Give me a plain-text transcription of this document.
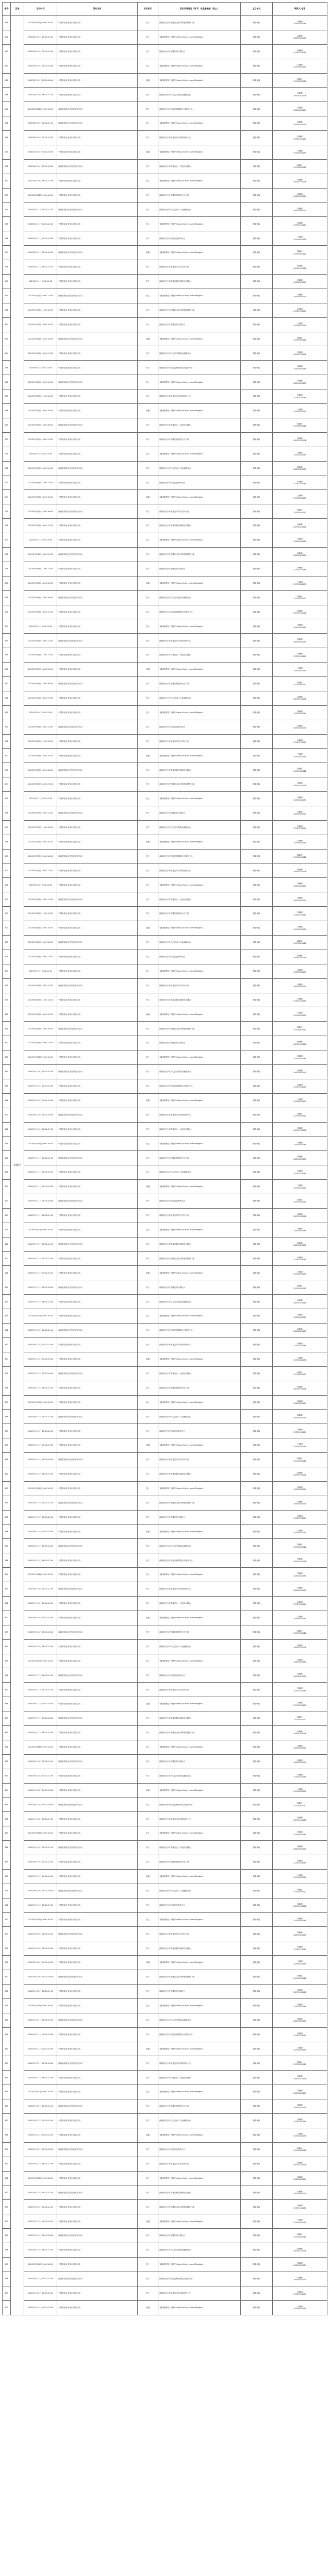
序号	区域	活动时间	活动名称	活动形式	活动详细地址（线下）或直播链接（线上）	主办单位	联系人/电话
241	市辖区	2024年8月29日 9:00-10:00	中国寿险业务知识宣传活动	线下	湖南省长沙市岳麓区金星中路建设银行门前	湖南保险	刘晓丽
13874851284

242		2024年8月29日 10:00-11:00	中国寿险业务知识宣传活动	线上	"湖南银保宝"小程序 https://t.tbcys.com/8HqgNcL	湖南保险	周晓燕
18874851230

243		2024年8月29日 11:00-12:00	中国寿险业务知识宣传活动	线下	湖南省长沙市岳麓区望月湖社区	湖南保险	李晓丽
13787451284

244		2024年8月29日 14:00-15:00	中国寿险业务知识宣传活动	线上	"湖南银保宝"小程序 https://t.tbcys.com/8HqgNcL	湖南保险	王晓明
15974851290

245		2024年8月29日 15:00-16:00	中国寿险业务知识宣传活动	直播	"湖南银保宝"小程序 https://t.tbcys.com/8HqgNcL	湖南保险	陈晓红
13574851212

246		2024年8月29日 16:00-17:00	中国寿险业务知识宣传活动	线下	湖南省长沙市天心区书院路金融服务点	湖南保险	张晓燕
18975451278

247		2024年8月30日 9:00-10:00	湖南省寿险业务知识宣传活动	线下	湖南省长沙市开福区湘春路社区服务中心	湖南保险	刘晓丽
13874851284

248		2024年8月30日 10:00-11:00	湖南省寿险业务知识宣传活动	线上	"湖南银保宝"小程序 https://t.tbcys.com/8HqgNcL	湖南保险	周晓燕
18874851230

249		2024年8月30日 11:00-12:00	中国寿险业务知识宣传活动	线下	湖南省长沙市雨花区劳动东路居民小区	湖南保险	李晓丽
13787451284

250		2024年8月30日 14:00-15:00	中国寿险业务知识宣传活动	直播	"湖南银保宝"小程序 https://t.tbcys.com/8HqgNcL	湖南保险	王晓明
15974851290

251		2024年8月30日 15:00-16:00	湖南省寿险业务知识宣传活动	线下	湖南省长沙市芙蓉区五一大道营业网点	湖南保险	陈晓红
13574851212

252		2024年8月30日 16:00-17:00	中国寿险业务知识宣传活动	线上	"湖南银保宝"小程序 https://t.tbcys.com/8HqgNcL	湖南保险	张晓燕
18975451278

253		2024年8月31日 9:00-10:00	中国寿险业务知识宣传活动	线下	湖南省长沙市岳麓区银盆岭社区广场	湖南保险	刘晓丽
13874851284

254		2024年8月31日 10:00-11:00	湖南省寿险业务知识宣传活动	线下	湖南省长沙市天心区南门口金融服务点	湖南保险	周晓燕
18874851230

255		2024年8月31日 11:00-12:00	中国寿险业务知识宣传活动	线上	"湖南银保宝"小程序 https://t.tbcys.com/8HqgNcL	湖南保险	李晓丽
13787451284

256		2024年8月31日 14:00-15:00	中国寿险业务知识宣传活动	线下	湖南省长沙市开福区伍家岭社区	湖南保险	王晓明
15974851290

257		2024年8月31日 15:00-16:00	湖南省寿险业务知识宣传活动	直播	"湖南银保宝"小程序 https://t.tbcys.com/8HqgNcL	湖南保险	陈晓红
13574851212

258		2024年8月31日 16:00-17:00	中国寿险业务知识宣传活动	线下	湖南省长沙市雨花区井湾子居民小区	湖南保险	张晓燕
18975451278

259		2024年9月1日 9:00-10:00	中国寿险业务知识宣传活动	线下	湖南省长沙市芙蓉区解放西路营业网点	湖南保险	刘晓丽
13874851284

260		2024年9月1日 10:00-11:00	湖南省寿险业务知识宣传活动	线上	"湖南银保宝"小程序 https://t.tbcys.com/8HqgNcL	湖南保险	周晓燕
18874851230

261		2024年9月1日 11:00-12:00	中国寿险业务知识宣传活动	线下	湖南省长沙市岳麓区金星中路建设银行门前	湖南保险	李晓丽
13787451284

262		2024年9月1日 14:00-15:00	中国寿险业务知识宣传活动	线下	湖南省长沙市岳麓区望月湖社区	湖南保险	王晓明
15974851290

263		2024年9月1日 15:00-16:00	湖南省寿险业务知识宣传活动	直播	"湖南银保宝"小程序 https://t.tbcys.com/8HqgNcL	湖南保险	陈晓红
13574851212

264		2024年9月1日 16:00-17:00	中国寿险业务知识宣传活动	线下	湖南省长沙市天心区书院路金融服务点	湖南保险	张晓燕
18975451278

265		2024年9月2日 9:00-10:00	中国寿险业务知识宣传活动	线下	湖南省长沙市开福区湘春路社区服务中心	湖南保险	刘晓丽
13874851284

266		2024年9月2日 10:00-11:00	湖南省寿险业务知识宣传活动	线上	"湖南银保宝"小程序 https://t.tbcys.com/8HqgNcL	湖南保险	周晓燕
18874851230

267		2024年9月2日 11:00-12:00	中国寿险业务知识宣传活动	线下	湖南省长沙市雨花区劳动东路居民小区	湖南保险	李晓丽
13787451284

268		2024年9月2日 14:00-15:00	中国寿险业务知识宣传活动	直播	"湖南银保宝"小程序 https://t.tbcys.com/8HqgNcL	湖南保险	王晓明
15974851290

269		2024年9月2日 15:00-16:00	湖南省寿险业务知识宣传活动	线下	湖南省长沙市芙蓉区五一大道营业网点	湖南保险	陈晓红
13574851212

270		2024年9月2日 16:00-17:00	中国寿险业务知识宣传活动	线下	湖南省长沙市岳麓区银盆岭社区广场	湖南保险	张晓燕
18975451278

271		2024年9月3日 9:00-10:00	中国寿险业务知识宣传活动	线上	"湖南银保宝"小程序 https://t.tbcys.com/8HqgNcL	湖南保险	刘晓丽
13874851284

272		2024年9月3日 10:00-11:00	湖南省寿险业务知识宣传活动	线下	湖南省长沙市天心区南门口金融服务点	湖南保险	周晓燕
18874851230

273		2024年9月3日 11:00-12:00	中国寿险业务知识宣传活动	线下	湖南省长沙市开福区伍家岭社区	湖南保险	李晓丽
13787451284

274		2024年9月3日 14:00-15:00	中国寿险业务知识宣传活动	直播	"湖南银保宝"小程序 https://t.tbcys.com/8HqgNcL	湖南保险	王晓明
15974851290

275		2024年9月3日 15:00-16:00	湖南省寿险业务知识宣传活动	线下	湖南省长沙市雨花区井湾子居民小区	湖南保险	陈晓红
13574851212

276		2024年9月3日 16:00-17:00	中国寿险业务知识宣传活动	线下	湖南省长沙市芙蓉区解放西路营业网点	湖南保险	张晓燕
18975451278

277		2024年9月4日 9:00-10:00	中国寿险业务知识宣传活动	线上	"湖南银保宝"小程序 https://t.tbcys.com/8HqgNcL	湖南保险	刘晓丽
13874851284

278		2024年9月4日 10:00-11:00	湖南省寿险业务知识宣传活动	线下	湖南省长沙市岳麓区金星中路建设银行门前	湖南保险	周晓燕
18874851230

279		2024年9月4日 11:00-12:00	中国寿险业务知识宣传活动	线下	湖南省长沙市岳麓区望月湖社区	湖南保险	李晓丽
13787451284

280		2024年9月4日 14:00-15:00	中国寿险业务知识宣传活动	直播	"湖南银保宝"小程序 https://t.tbcys.com/8HqgNcL	湖南保险	王晓明
15974851290

281		2024年9月4日 15:00-16:00	湖南省寿险业务知识宣传活动	线下	湖南省长沙市天心区书院路金融服务点	湖南保险	陈晓红
13574851212

282		2024年9月4日 16:00-17:00	中国寿险业务知识宣传活动	线下	湖南省长沙市开福区湘春路社区服务中心	湖南保险	张晓燕
18975451278

283		2024年9月5日 9:00-10:00	中国寿险业务知识宣传活动	线上	"湖南银保宝"小程序 https://t.tbcys.com/8HqgNcL	湖南保险	刘晓丽
13874851284

284		2024年9月5日 10:00-11:00	湖南省寿险业务知识宣传活动	线下	湖南省长沙市雨花区劳动东路居民小区	湖南保险	周晓燕
18874851230

285		2024年9月5日 11:00-12:00	中国寿险业务知识宣传活动	线下	湖南省长沙市芙蓉区五一大道营业网点	湖南保险	李晓丽
13787451284

286		2024年9月5日 14:00-15:00	中国寿险业务知识宣传活动	直播	"湖南银保宝"小程序 https://t.tbcys.com/8HqgNcL	湖南保险	王晓明
15974851290

287		2024年9月5日 15:00-16:00	湖南省寿险业务知识宣传活动	线下	湖南省长沙市岳麓区银盆岭社区广场	湖南保险	陈晓红
13574851212

288		2024年9月5日 16:00-17:00	中国寿险业务知识宣传活动	线下	湖南省长沙市天心区南门口金融服务点	湖南保险	张晓燕
18975451278

289		2024年9月6日 9:00-10:00	中国寿险业务知识宣传活动	线上	"湖南银保宝"小程序 https://t.tbcys.com/8HqgNcL	湖南保险	刘晓丽
13874851284

290		2024年9月6日 10:00-11:00	湖南省寿险业务知识宣传活动	线下	湖南省长沙市开福区伍家岭社区	湖南保险	周晓燕
18874851230

291		2024年9月6日 11:00-12:00	中国寿险业务知识宣传活动	线下	湖南省长沙市雨花区井湾子居民小区	湖南保险	李晓丽
13787451284

292		2024年9月6日 14:00-15:00	中国寿险业务知识宣传活动	直播	"湖南银保宝"小程序 https://t.tbcys.com/8HqgNcL	湖南保险	王晓明
15974851290

293		2024年9月6日 15:00-16:00	湖南省寿险业务知识宣传活动	线下	湖南省长沙市芙蓉区解放西路营业网点	湖南保险	陈晓红
13574851212

294		2024年9月6日 16:00-17:00	中国寿险业务知识宣传活动	线下	湖南省长沙市岳麓区金星中路建设银行门前	湖南保险	张晓燕
18975451278

295		2024年9月7日 9:00-10:00	中国寿险业务知识宣传活动	线上	"湖南银保宝"小程序 https://t.tbcys.com/8HqgNcL	湖南保险	刘晓丽
13874851284

296		2024年9月7日 10:00-11:00	湖南省寿险业务知识宣传活动	线下	湖南省长沙市岳麓区望月湖社区	湖南保险	周晓燕
18874851230

297		2024年9月7日 11:00-12:00	中国寿险业务知识宣传活动	线下	湖南省长沙市天心区书院路金融服务点	湖南保险	李晓丽
13787451284

298		2024年9月7日 14:00-15:00	中国寿险业务知识宣传活动	直播	"湖南银保宝"小程序 https://t.tbcys.com/8HqgNcL	湖南保险	王晓明
15974851290

299		2024年9月7日 15:00-16:00	湖南省寿险业务知识宣传活动	线下	湖南省长沙市开福区湘春路社区服务中心	湖南保险	陈晓红
13574851212

300		2024年9月7日 16:00-17:00	中国寿险业务知识宣传活动	线下	湖南省长沙市雨花区劳动东路居民小区	湖南保险	张晓燕
18975451278

301		2024年9月8日 9:00-10:00	中国寿险业务知识宣传活动	线上	"湖南银保宝"小程序 https://t.tbcys.com/8HqgNcL	湖南保险	刘晓丽
13874851284

302		2024年9月8日 10:00-11:00	湖南省寿险业务知识宣传活动	线下	湖南省长沙市芙蓉区五一大道营业网点	湖南保险	周晓燕
18874851230

303		2024年9月8日 11:00-12:00	中国寿险业务知识宣传活动	线下	湖南省长沙市岳麓区银盆岭社区广场	湖南保险	李晓丽
13787451284

304		2024年9月8日 14:00-15:00	中国寿险业务知识宣传活动	直播	"湖南银保宝"小程序 https://t.tbcys.com/8HqgNcL	湖南保险	王晓明
15974851290

305		2024年9月8日 15:00-16:00	湖南省寿险业务知识宣传活动	线下	湖南省长沙市天心区南门口金融服务点	湖南保险	陈晓红
13574851212

306		2024年9月8日 16:00-17:00	中国寿险业务知识宣传活动	线下	湖南省长沙市开福区伍家岭社区	湖南保险	张晓燕
18975451278

307		2024年9月9日 9:00-10:00	中国寿险业务知识宣传活动	线上	"湖南银保宝"小程序 https://t.tbcys.com/8HqgNcL	湖南保险	刘晓丽
13874851284

308		2024年9月9日 10:00-11:00	湖南省寿险业务知识宣传活动	线下	湖南省长沙市雨花区井湾子居民小区	湖南保险	周晓燕
18874851230

309		2024年9月9日 11:00-12:00	中国寿险业务知识宣传活动	线下	湖南省长沙市芙蓉区解放西路营业网点	湖南保险	李晓丽
13787451284

310		2024年9月9日 14:00-15:00	中国寿险业务知识宣传活动	直播	"湖南银保宝"小程序 https://t.tbcys.com/8HqgNcL	湖南保险	王晓明
15974851290

311		2024年9月9日 15:00-16:00	湖南省寿险业务知识宣传活动	线下	湖南省长沙市岳麓区金星中路建设银行门前	湖南保险	陈晓红
13574851212

312		2024年9月9日 16:00-17:00	中国寿险业务知识宣传活动	线下	湖南省长沙市岳麓区望月湖社区	湖南保险	张晓燕
18975451278

313		2024年9月10日 9:00-10:00	中国寿险业务知识宣传活动	线上	"湖南银保宝"小程序 https://t.tbcys.com/8HqgNcL	湖南保险	刘晓丽
13874851284

314		2024年9月10日 10:00-11:00	湖南省寿险业务知识宣传活动	线下	湖南省长沙市天心区书院路金融服务点	湖南保险	周晓燕
18874851230

315		2024年9月10日 11:00-12:00	中国寿险业务知识宣传活动	线下	湖南省长沙市开福区湘春路社区服务中心	湖南保险	李晓丽
13787451284

316		2024年9月10日 14:00-15:00	中国寿险业务知识宣传活动	直播	"湖南银保宝"小程序 https://t.tbcys.com/8HqgNcL	湖南保险	王晓明
15974851290

317		2024年9月10日 15:00-16:00	湖南省寿险业务知识宣传活动	线下	湖南省长沙市雨花区劳动东路居民小区	湖南保险	陈晓红
13574851212

318		2024年9月10日 16:00-17:00	中国寿险业务知识宣传活动	线下	湖南省长沙市芙蓉区五一大道营业网点	湖南保险	张晓燕
18975451278

319		2024年9月11日 9:00-10:00	中国寿险业务知识宣传活动	线上	"湖南银保宝"小程序 https://t.tbcys.com/8HqgNcL	湖南保险	刘晓丽
13874851284

320		2024年9月11日 10:00-11:00	湖南省寿险业务知识宣传活动	线下	湖南省长沙市岳麓区银盆岭社区广场	湖南保险	周晓燕
18874851230

321		2024年9月11日 11:00-12:00	中国寿险业务知识宣传活动	线下	湖南省长沙市天心区南门口金融服务点	湖南保险	李晓丽
13787451284

322		2024年9月11日 14:00-15:00	中国寿险业务知识宣传活动	直播	"湖南银保宝"小程序 https://t.tbcys.com/8HqgNcL	湖南保险	王晓明
15974851290

323		2024年9月11日 15:00-16:00	湖南省寿险业务知识宣传活动	线下	湖南省长沙市开福区伍家岭社区	湖南保险	陈晓红
13574851212

324		2024年9月11日 16:00-17:00	中国寿险业务知识宣传活动	线下	湖南省长沙市雨花区井湾子居民小区	湖南保险	张晓燕
18975451278

325		2024年9月12日 9:00-10:00	中国寿险业务知识宣传活动	线上	"湖南银保宝"小程序 https://t.tbcys.com/8HqgNcL	湖南保险	刘晓丽
13874851284

326		2024年9月12日 10:00-11:00	湖南省寿险业务知识宣传活动	线下	湖南省长沙市芙蓉区解放西路营业网点	湖南保险	周晓燕
18874851230

327		2024年9月12日 11:00-12:00	中国寿险业务知识宣传活动	线下	湖南省长沙市岳麓区金星中路建设银行门前	湖南保险	李晓丽
13787451284

328		2024年9月12日 14:00-15:00	中国寿险业务知识宣传活动	直播	"湖南银保宝"小程序 https://t.tbcys.com/8HqgNcL	湖南保险	王晓明
15974851290

329		2024年9月12日 15:00-16:00	湖南省寿险业务知识宣传活动	线下	湖南省长沙市岳麓区望月湖社区	湖南保险	陈晓红
13574851212

330		2024年9月12日 16:00-17:00	中国寿险业务知识宣传活动	线下	湖南省长沙市天心区书院路金融服务点	湖南保险	张晓燕
18975451278

331		2024年9月13日 9:00-10:00	中国寿险业务知识宣传活动	线上	"湖南银保宝"小程序 https://t.tbcys.com/8HqgNcL	湖南保险	刘晓丽
13874851284

332		2024年9月13日 10:00-11:00	湖南省寿险业务知识宣传活动	线下	湖南省长沙市开福区湘春路社区服务中心	湖南保险	周晓燕
18874851230

333		2024年9月13日 11:00-12:00	中国寿险业务知识宣传活动	线下	湖南省长沙市雨花区劳动东路居民小区	湖南保险	李晓丽
13787451284

334		2024年9月13日 14:00-15:00	中国寿险业务知识宣传活动	直播	"湖南银保宝"小程序 https://t.tbcys.com/8HqgNcL	湖南保险	王晓明
15974851290

335		2024年9月13日 15:00-16:00	湖南省寿险业务知识宣传活动	线下	湖南省长沙市芙蓉区五一大道营业网点	湖南保险	陈晓红
13574851212

336		2024年9月13日 16:00-17:00	中国寿险业务知识宣传活动	线下	湖南省长沙市岳麓区银盆岭社区广场	湖南保险	张晓燕
18975451278

337		2024年9月14日 9:00-10:00	中国寿险业务知识宣传活动	线上	"湖南银保宝"小程序 https://t.tbcys.com/8HqgNcL	湖南保险	刘晓丽
13874851284

338		2024年9月14日 10:00-11:00	湖南省寿险业务知识宣传活动	线下	湖南省长沙市天心区南门口金融服务点	湖南保险	周晓燕
18874851230

339		2024年9月14日 11:00-12:00	中国寿险业务知识宣传活动	线下	湖南省长沙市开福区伍家岭社区	湖南保险	李晓丽
13787451284

340		2024年9月14日 14:00-15:00	中国寿险业务知识宣传活动	直播	"湖南银保宝"小程序 https://t.tbcys.com/8HqgNcL	湖南保险	王晓明
15974851290

341		2024年9月14日 15:00-16:00	湖南省寿险业务知识宣传活动	线下	湖南省长沙市雨花区井湾子居民小区	湖南保险	陈晓红
13574851212

342		2024年9月14日 16:00-17:00	中国寿险业务知识宣传活动	线下	湖南省长沙市芙蓉区解放西路营业网点	湖南保险	张晓燕
18975451278

343		2024年9月15日 9:00-10:00	中国寿险业务知识宣传活动	线上	"湖南银保宝"小程序 https://t.tbcys.com/8HqgNcL	湖南保险	刘晓丽
13874851284

344		2024年9月15日 10:00-11:00	湖南省寿险业务知识宣传活动	线下	湖南省长沙市岳麓区金星中路建设银行门前	湖南保险	周晓燕
18874851230

345		2024年9月15日 11:00-12:00	中国寿险业务知识宣传活动	线下	湖南省长沙市岳麓区望月湖社区	湖南保险	李晓丽
13787451284

346		2024年9月15日 14:00-15:00	中国寿险业务知识宣传活动	直播	"湖南银保宝"小程序 https://t.tbcys.com/8HqgNcL	湖南保险	王晓明
15974851290

347		2024年9月15日 15:00-16:00	湖南省寿险业务知识宣传活动	线下	湖南省长沙市天心区书院路金融服务点	湖南保险	陈晓红
13574851212

348		2024年9月15日 16:00-17:00	中国寿险业务知识宣传活动	线下	湖南省长沙市开福区湘春路社区服务中心	湖南保险	张晓燕
18975451278

349		2024年9月16日 9:00-10:00	中国寿险业务知识宣传活动	线上	"湖南银保宝"小程序 https://t.tbcys.com/8HqgNcL	湖南保险	刘晓丽
13874851284

350		2024年9月16日 10:00-11:00	湖南省寿险业务知识宣传活动	线下	湖南省长沙市雨花区劳动东路居民小区	湖南保险	周晓燕
18874851230

351		2024年9月16日 11:00-12:00	中国寿险业务知识宣传活动	线下	湖南省长沙市芙蓉区五一大道营业网点	湖南保险	李晓丽
13787451284

352		2024年9月16日 14:00-15:00	中国寿险业务知识宣传活动	直播	"湖南银保宝"小程序 https://t.tbcys.com/8HqgNcL	湖南保险	王晓明
15974851290

353		2024年9月16日 15:00-16:00	湖南省寿险业务知识宣传活动	线下	湖南省长沙市岳麓区银盆岭社区广场	湖南保险	陈晓红
13574851212

354		2024年9月16日 16:00-17:00	中国寿险业务知识宣传活动	线下	湖南省长沙市天心区南门口金融服务点	湖南保险	张晓燕
18975451278

355		2024年9月17日 9:00-10:00	中国寿险业务知识宣传活动	线上	"湖南银保宝"小程序 https://t.tbcys.com/8HqgNcL	湖南保险	刘晓丽
13874851284

356		2024年9月17日 10:00-11:00	湖南省寿险业务知识宣传活动	线下	湖南省长沙市开福区伍家岭社区	湖南保险	周晓燕
18874851230

357		2024年9月17日 11:00-12:00	中国寿险业务知识宣传活动	线下	湖南省长沙市雨花区井湾子居民小区	湖南保险	李晓丽
13787451284

358		2024年9月17日 14:00-15:00	中国寿险业务知识宣传活动	直播	"湖南银保宝"小程序 https://t.tbcys.com/8HqgNcL	湖南保险	王晓明
15974851290

359		2024年9月17日 15:00-16:00	湖南省寿险业务知识宣传活动	线下	湖南省长沙市芙蓉区解放西路营业网点	湖南保险	陈晓红
13574851212

360		2024年9月17日 16:00-17:00	中国寿险业务知识宣传活动	线下	湖南省长沙市岳麓区金星中路建设银行门前	湖南保险	张晓燕
18975451278

361		2024年9月18日 9:00-10:00	中国寿险业务知识宣传活动	线上	"湖南银保宝"小程序 https://t.tbcys.com/8HqgNcL	湖南保险	刘晓丽
13874851284

362		2024年9月18日 10:00-11:00	湖南省寿险业务知识宣传活动	线下	湖南省长沙市岳麓区望月湖社区	湖南保险	周晓燕
18874851230

363		2024年9月18日 11:00-12:00	中国寿险业务知识宣传活动	线下	湖南省长沙市天心区书院路金融服务点	湖南保险	李晓丽
13787451284

364		2024年9月18日 14:00-15:00	中国寿险业务知识宣传活动	直播	"湖南银保宝"小程序 https://t.tbcys.com/8HqgNcL	湖南保险	王晓明
15974851290

365		2024年9月18日 15:00-16:00	湖南省寿险业务知识宣传活动	线下	湖南省长沙市开福区湘春路社区服务中心	湖南保险	陈晓红
13574851212

366		2024年9月18日 16:00-17:00	中国寿险业务知识宣传活动	线下	湖南省长沙市雨花区劳动东路居民小区	湖南保险	张晓燕
18975451278

367		2024年9月19日 9:00-10:00	中国寿险业务知识宣传活动	线上	"湖南银保宝"小程序 https://t.tbcys.com/8HqgNcL	湖南保险	刘晓丽
13874851284

368		2024年9月19日 10:00-11:00	湖南省寿险业务知识宣传活动	线下	湖南省长沙市芙蓉区五一大道营业网点	湖南保险	周晓燕
18874851230

369		2024年9月19日 11:00-12:00	中国寿险业务知识宣传活动	线下	湖南省长沙市岳麓区银盆岭社区广场	湖南保险	李晓丽
13787451284

370		2024年9月19日 14:00-15:00	中国寿险业务知识宣传活动	直播	"湖南银保宝"小程序 https://t.tbcys.com/8HqgNcL	湖南保险	王晓明
15974851290

371		2024年9月19日 15:00-16:00	湖南省寿险业务知识宣传活动	线下	湖南省长沙市天心区南门口金融服务点	湖南保险	陈晓红
13574851212

372		2024年9月19日 16:00-17:00	中国寿险业务知识宣传活动	线下	湖南省长沙市开福区伍家岭社区	湖南保险	张晓燕
18975451278

373		2024年9月20日 9:00-10:00	中国寿险业务知识宣传活动	线上	"湖南银保宝"小程序 https://t.tbcys.com/8HqgNcL	湖南保险	刘晓丽
13874851284

374		2024年9月20日 10:00-11:00	湖南省寿险业务知识宣传活动	线下	湖南省长沙市雨花区井湾子居民小区	湖南保险	周晓燕
18874851230

375		2024年9月20日 11:00-12:00	中国寿险业务知识宣传活动	线下	湖南省长沙市芙蓉区解放西路营业网点	湖南保险	李晓丽
13787451284

376		2024年9月20日 14:00-15:00	中国寿险业务知识宣传活动	直播	"湖南银保宝"小程序 https://t.tbcys.com/8HqgNcL	湖南保险	王晓明
15974851290

377		2024年9月20日 15:00-16:00	湖南省寿险业务知识宣传活动	线下	湖南省长沙市岳麓区金星中路建设银行门前	湖南保险	陈晓红
13574851212

378		2024年9月20日 16:00-17:00	中国寿险业务知识宣传活动	线下	湖南省长沙市岳麓区望月湖社区	湖南保险	张晓燕
18975451278

379		2024年9月21日 9:00-10:00	中国寿险业务知识宣传活动	线上	"湖南银保宝"小程序 https://t.tbcys.com/8HqgNcL	湖南保险	刘晓丽
13874851284

380		2024年9月21日 10:00-11:00	湖南省寿险业务知识宣传活动	线下	湖南省长沙市天心区书院路金融服务点	湖南保险	周晓燕
18874851230

381		2024年9月21日 11:00-12:00	中国寿险业务知识宣传活动	线下	湖南省长沙市开福区湘春路社区服务中心	湖南保险	李晓丽
13787451284

382		2024年9月21日 14:00-15:00	中国寿险业务知识宣传活动	直播	"湖南银保宝"小程序 https://t.tbcys.com/8HqgNcL	湖南保险	王晓明
15974851290

383		2024年9月21日 15:00-16:00	湖南省寿险业务知识宣传活动	线下	湖南省长沙市雨花区劳动东路居民小区	湖南保险	陈晓红
13574851212

384		2024年9月21日 16:00-17:00	中国寿险业务知识宣传活动	线下	湖南省长沙市芙蓉区五一大道营业网点	湖南保险	张晓燕
18975451278

385		2024年9月22日 9:00-10:00	中国寿险业务知识宣传活动	线上	"湖南银保宝"小程序 https://t.tbcys.com/8HqgNcL	湖南保险	刘晓丽
13874851284

386		2024年9月22日 10:00-11:00	湖南省寿险业务知识宣传活动	线下	湖南省长沙市岳麓区银盆岭社区广场	湖南保险	周晓燕
18874851230

387		2024年9月22日 11:00-12:00	中国寿险业务知识宣传活动	线下	湖南省长沙市天心区南门口金融服务点	湖南保险	李晓丽
13787451284

388		2024年9月22日 14:00-15:00	中国寿险业务知识宣传活动	直播	"湖南银保宝"小程序 https://t.tbcys.com/8HqgNcL	湖南保险	王晓明
15974851290

389		2024年9月22日 15:00-16:00	湖南省寿险业务知识宣传活动	线下	湖南省长沙市开福区伍家岭社区	湖南保险	陈晓红
13574851212

390		2024年9月22日 16:00-17:00	中国寿险业务知识宣传活动	线下	湖南省长沙市雨花区井湾子居民小区	湖南保险	张晓燕
18975451278

391		2024年9月23日 9:00-10:00	中国寿险业务知识宣传活动	线上	"湖南银保宝"小程序 https://t.tbcys.com/8HqgNcL	湖南保险	刘晓丽
13874851284

392		2024年9月23日 10:00-11:00	湖南省寿险业务知识宣传活动	线下	湖南省长沙市芙蓉区解放西路营业网点	湖南保险	周晓燕
18874851230

393		2024年9月23日 11:00-12:00	中国寿险业务知识宣传活动	线下	湖南省长沙市岳麓区金星中路建设银行门前	湖南保险	李晓丽
13787451284

394		2024年9月23日 14:00-15:00	中国寿险业务知识宣传活动	直播	"湖南银保宝"小程序 https://t.tbcys.com/8HqgNcL	湖南保险	王晓明
15974851290

395		2024年9月23日 15:00-16:00	湖南省寿险业务知识宣传活动	线下	湖南省长沙市岳麓区望月湖社区	湖南保险	陈晓红
13574851212

396		2024年9月23日 16:00-17:00	中国寿险业务知识宣传活动	线下	湖南省长沙市天心区书院路金融服务点	湖南保险	张晓燕
18975451278

397		2024年9月24日 9:00-10:00	中国寿险业务知识宣传活动	线上	"湖南银保宝"小程序 https://t.tbcys.com/8HqgNcL	湖南保险	刘晓丽
13874851284

398		2024年9月24日 10:00-11:00	湖南省寿险业务知识宣传活动	线下	湖南省长沙市开福区湘春路社区服务中心	湖南保险	周晓燕
18874851230

399		2024年9月24日 11:00-12:00	中国寿险业务知识宣传活动	线下	湖南省长沙市雨花区劳动东路居民小区	湖南保险	李晓丽
13787451284

400		2024年9月24日 14:00-15:00	中国寿险业务知识宣传活动	直播	"湖南银保宝"小程序 https://t.tbcys.com/8HqgNcL	湖南保险	王晓明
15974851290
